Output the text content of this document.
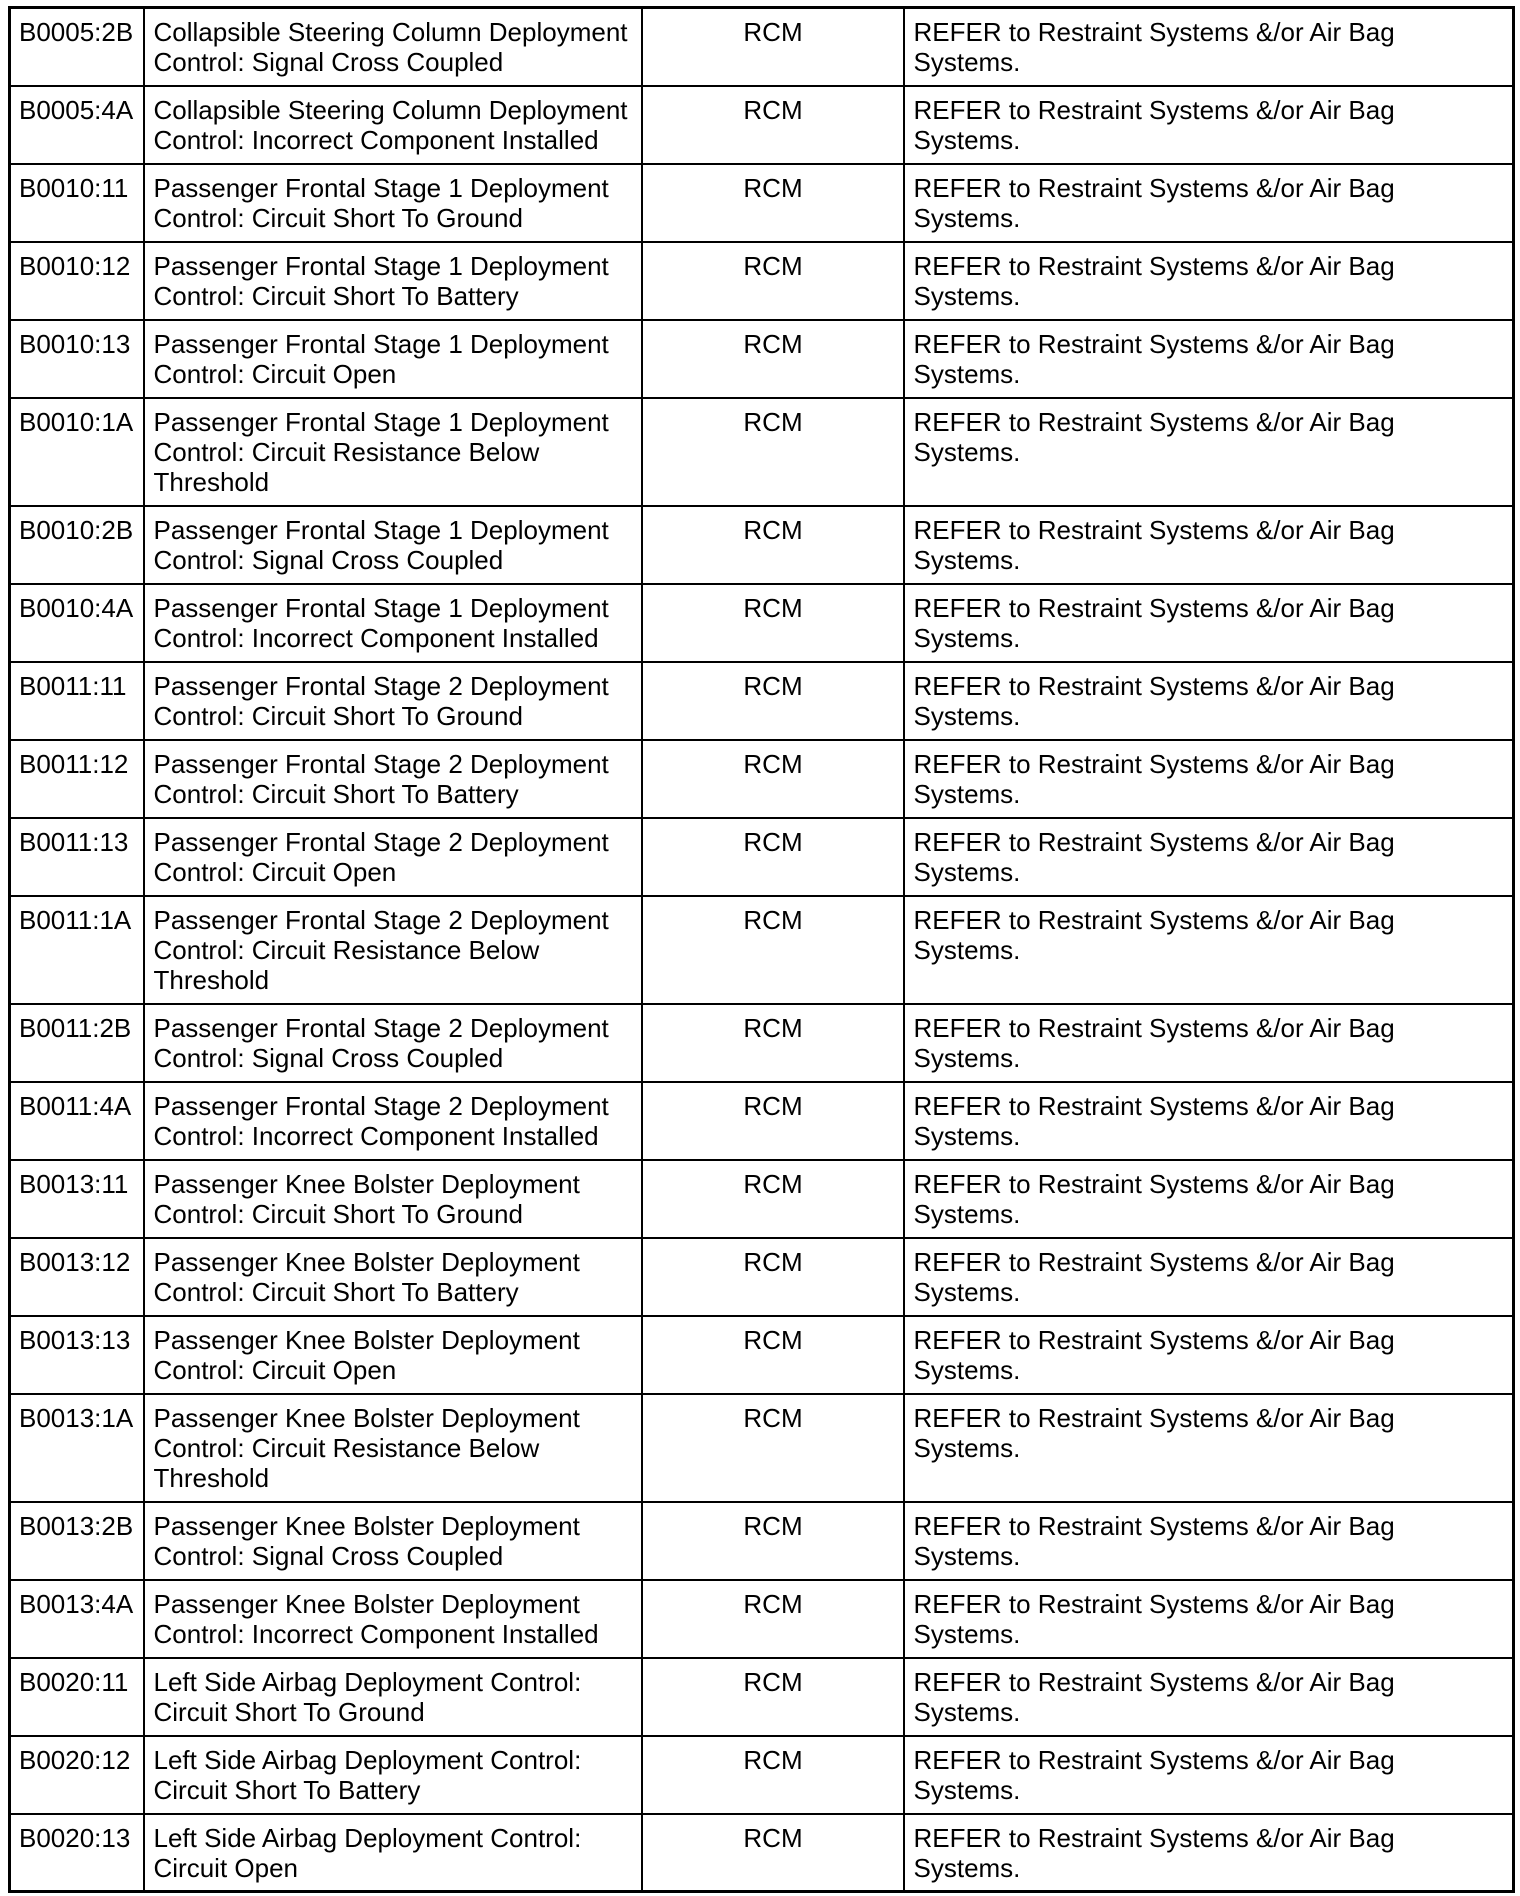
B0005:2B	Collapsible Steering Column Deployment Control: Signal Cross Coupled	RCM	REFER to Restraint Systems &/or Air Bag Systems.
B0005:4A	Collapsible Steering Column Deployment Control: Incorrect Component Installed	RCM	REFER to Restraint Systems &/or Air Bag Systems.
B0010:11	Passenger Frontal Stage 1 Deployment Control: Circuit Short To Ground	RCM	REFER to Restraint Systems &/or Air Bag Systems.
B0010:12	Passenger Frontal Stage 1 Deployment Control: Circuit Short To Battery	RCM	REFER to Restraint Systems &/or Air Bag Systems.
B0010:13	Passenger Frontal Stage 1 Deployment Control: Circuit Open	RCM	REFER to Restraint Systems &/or Air Bag Systems.
B0010:1A	Passenger Frontal Stage 1 Deployment Control: Circuit Resistance Below Threshold	RCM	REFER to Restraint Systems &/or Air Bag Systems.
B0010:2B	Passenger Frontal Stage 1 Deployment Control: Signal Cross Coupled	RCM	REFER to Restraint Systems &/or Air Bag Systems.
B0010:4A	Passenger Frontal Stage 1 Deployment Control: Incorrect Component Installed	RCM	REFER to Restraint Systems &/or Air Bag Systems.
B0011:11	Passenger Frontal Stage 2 Deployment Control: Circuit Short To Ground	RCM	REFER to Restraint Systems &/or Air Bag Systems.
B0011:12	Passenger Frontal Stage 2 Deployment Control: Circuit Short To Battery	RCM	REFER to Restraint Systems &/or Air Bag Systems.
B0011:13	Passenger Frontal Stage 2 Deployment Control: Circuit Open	RCM	REFER to Restraint Systems &/or Air Bag Systems.
B0011:1A	Passenger Frontal Stage 2 Deployment Control: Circuit Resistance Below Threshold	RCM	REFER to Restraint Systems &/or Air Bag Systems.
B0011:2B	Passenger Frontal Stage 2 Deployment Control: Signal Cross Coupled	RCM	REFER to Restraint Systems &/or Air Bag Systems.
B0011:4A	Passenger Frontal Stage 2 Deployment Control: Incorrect Component Installed	RCM	REFER to Restraint Systems &/or Air Bag Systems.
B0013:11	Passenger Knee Bolster Deployment Control: Circuit Short To Ground	RCM	REFER to Restraint Systems &/or Air Bag Systems.
B0013:12	Passenger Knee Bolster Deployment Control: Circuit Short To Battery	RCM	REFER to Restraint Systems &/or Air Bag Systems.
B0013:13	Passenger Knee Bolster Deployment Control: Circuit Open	RCM	REFER to Restraint Systems &/or Air Bag Systems.
B0013:1A	Passenger Knee Bolster Deployment Control: Circuit Resistance Below Threshold	RCM	REFER to Restraint Systems &/or Air Bag Systems.
B0013:2B	Passenger Knee Bolster Deployment Control: Signal Cross Coupled	RCM	REFER to Restraint Systems &/or Air Bag Systems.
B0013:4A	Passenger Knee Bolster Deployment Control: Incorrect Component Installed	RCM	REFER to Restraint Systems &/or Air Bag Systems.
B0020:11	Left Side Airbag Deployment Control: Circuit Short To Ground	RCM	REFER to Restraint Systems &/or Air Bag Systems.
B0020:12	Left Side Airbag Deployment Control: Circuit Short To Battery	RCM	REFER to Restraint Systems &/or Air Bag Systems.
B0020:13	Left Side Airbag Deployment Control: Circuit Open	RCM	REFER to Restraint Systems &/or Air Bag Systems.
